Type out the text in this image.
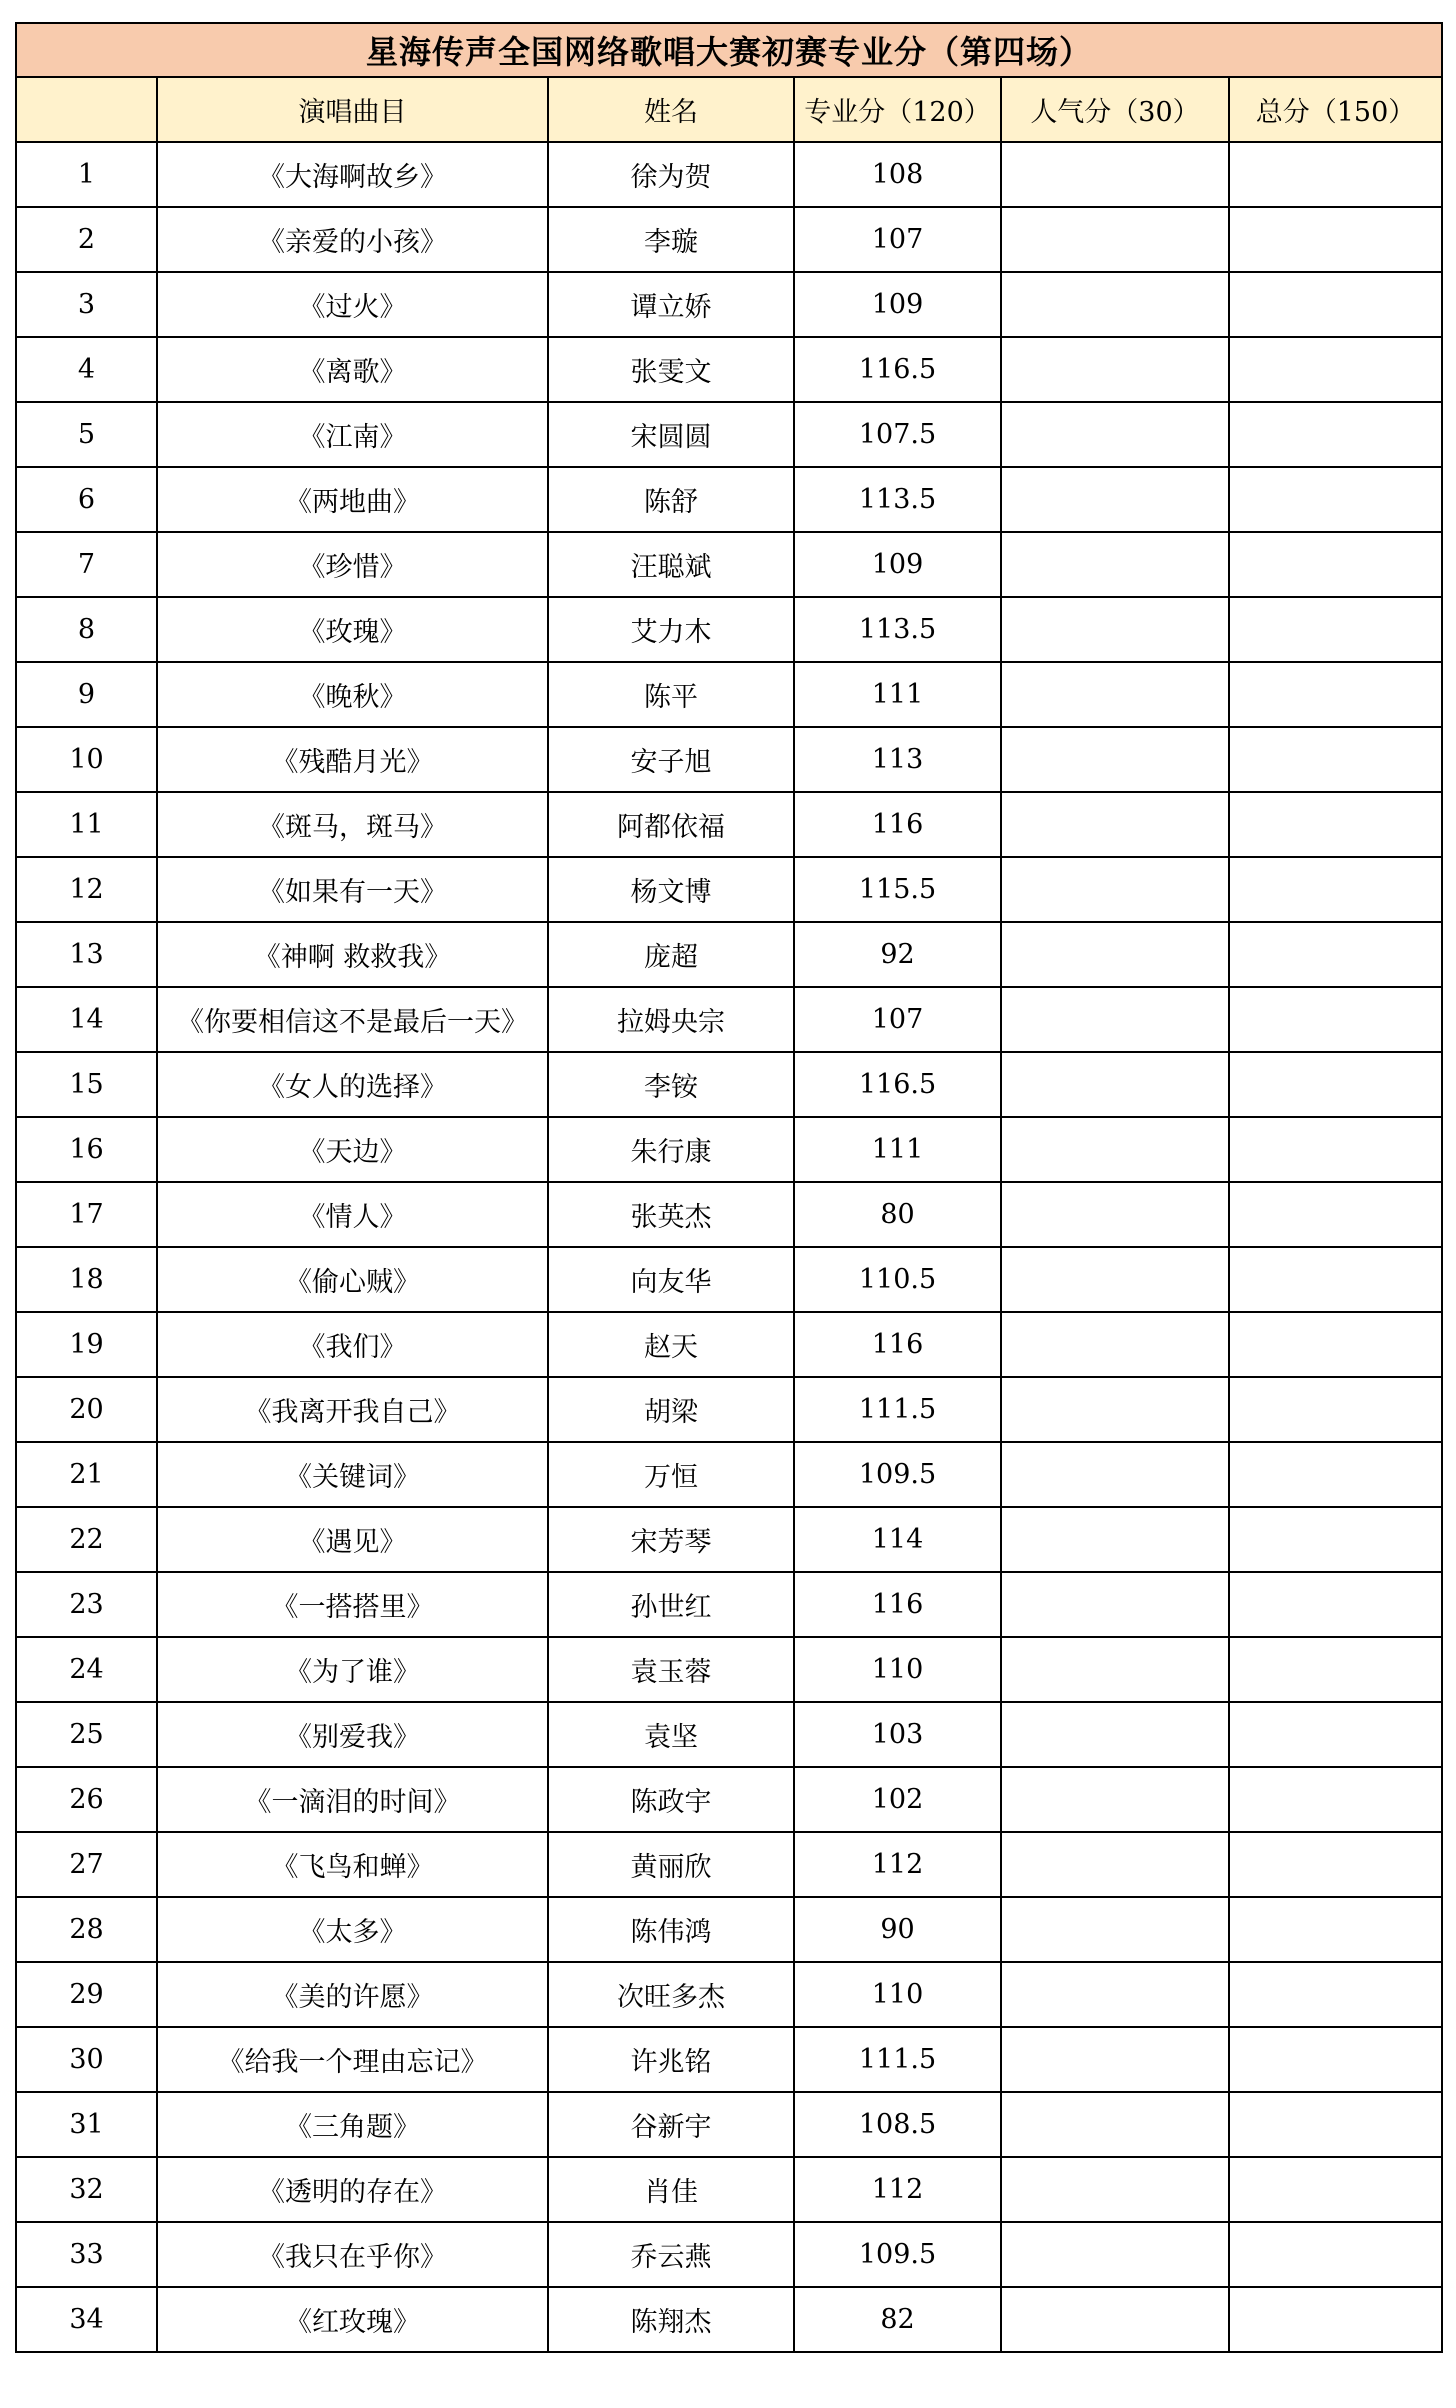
星海传声全国网络歌唱大赛初赛专业分（第四场）					
	演唱曲目	姓名	专业分（120）	人气分（30）	总分（150）
1	《大海啊故乡》	徐为贺	108		
2	《亲爱的小孩》	李璇	107		
3	《过火》	谭立娇	109		
4	《离歌》	张雯文	116.5		
5	《江南》	宋圆圆	107.5		
6	《两地曲》	陈舒	113.5		
7	《珍惜》	汪聪斌	109		
8	《玫瑰》	艾力木	113.5		
9	《晚秋》	陈平	111		
10	《残酷月光》	安子旭	113		
11	《斑马，斑马》	阿都依福	116		
12	《如果有一天》	杨文博	115.5		
13	《神啊 救救我》	庞超	92		
14	《你要相信这不是最后一天》	拉姆央宗	107		
15	《女人的选择》	李铵	116.5		
16	《天边》	朱行康	111		
17	《情人》	张英杰	80		
18	《偷心贼》	向友华	110.5		
19	《我们》	赵天	116		
20	《我离开我自己》	胡梁	111.5		
21	《关键词》	万恒	109.5		
22	《遇见》	宋芳琴	114		
23	《一搭搭里》	孙世红	116		
24	《为了谁》	袁玉蓉	110		
25	《别爱我》	袁坚	103		
26	《一滴泪的时间》	陈政宇	102		
27	《飞鸟和蝉》	黄丽欣	112		
28	《太多》	陈伟鸿	90		
29	《美的许愿》	次旺多杰	110		
30	《给我一个理由忘记》	许兆铭	111.5		
31	《三角题》	谷新宇	108.5		
32	《透明的存在》	肖佳	112		
33	《我只在乎你》	乔云燕	109.5		
34	《红玫瑰》	陈翔杰	82		
